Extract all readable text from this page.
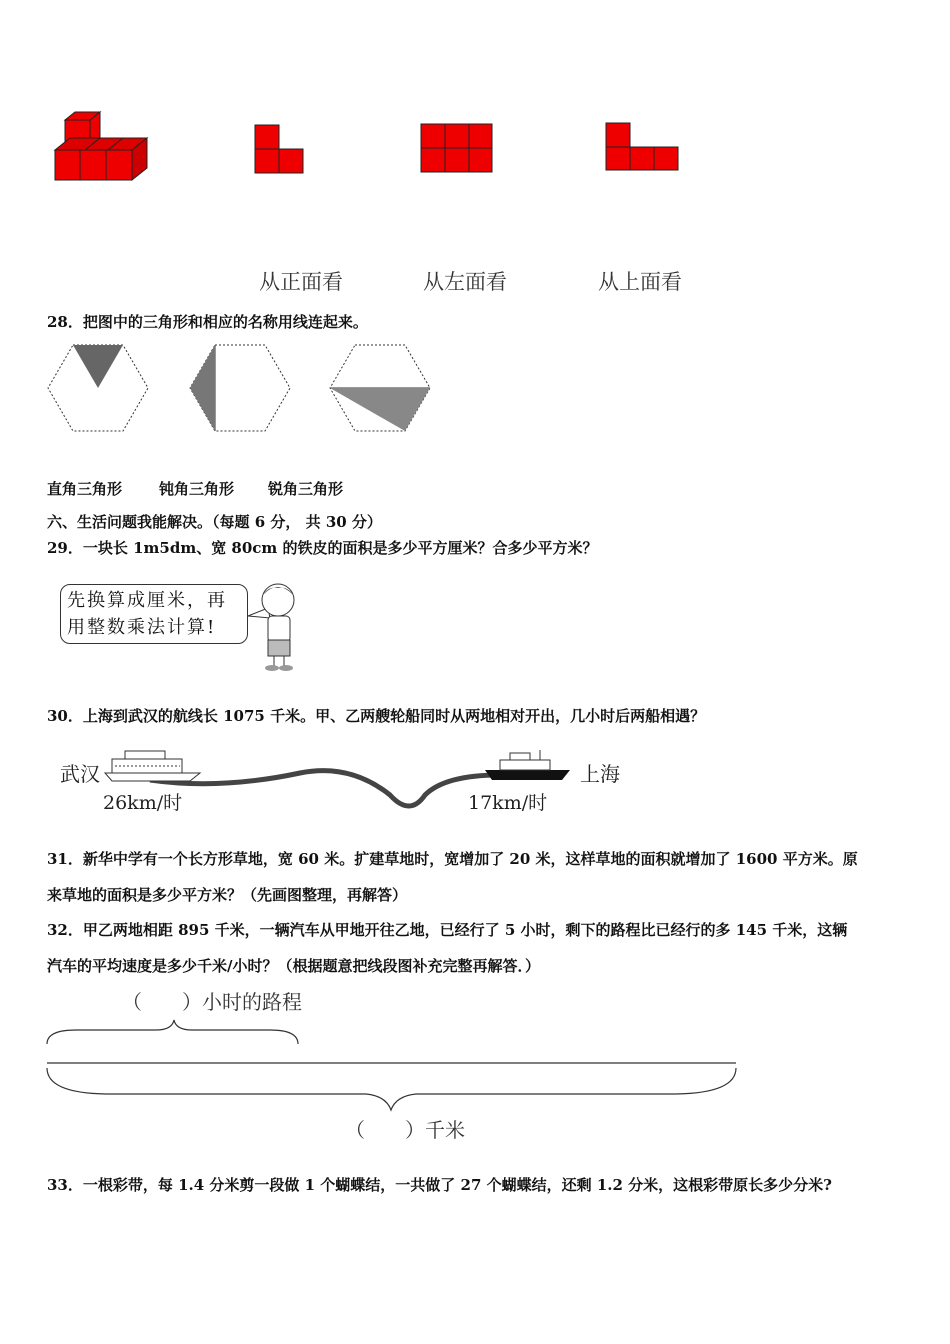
从正面看	从左面看	从上面看
28．把图中的三角形和相应的名称用线连起来。
直角三角形 钝角三角形 锐角三角形
六、生活问题我能解决。（每题 6 分， 共 30 分）
29．一块长 1m5dm、宽 80cm 的铁皮的面积是多少平方厘米？合多少平方米？
先换算成厘米，再
用整数乘法计算!
30．上海到武汉的航线长 1075 千米。甲、乙两艘轮船同时从两地相对开出，几小时后两船相遇？
武汉	上海
26km/时	17km/时
31．新华中学有一个长方形草地，宽 60 米。扩建草地时，宽增加了 20 米，这样草地的面积就增加了 1600 平方米。原
来草地的面积是多少平方米？（先画图整理，再解答）
32．甲乙两地相距 895 千米，一辆汽车从甲地开往乙地，已经行了 5 小时，剩下的路程比已经行的多 145 千米，这辆
汽车的平均速度是多少千米/小时？（根据题意把线段图补充完整再解答．）
（　　）小时的路程
（　　）千米
33．一根彩带，每 1.4 分米剪一段做 1 个蝴蝶结，一共做了 27 个蝴蝶结，还剩 1.2 分米，这根彩带原长多少分米?
